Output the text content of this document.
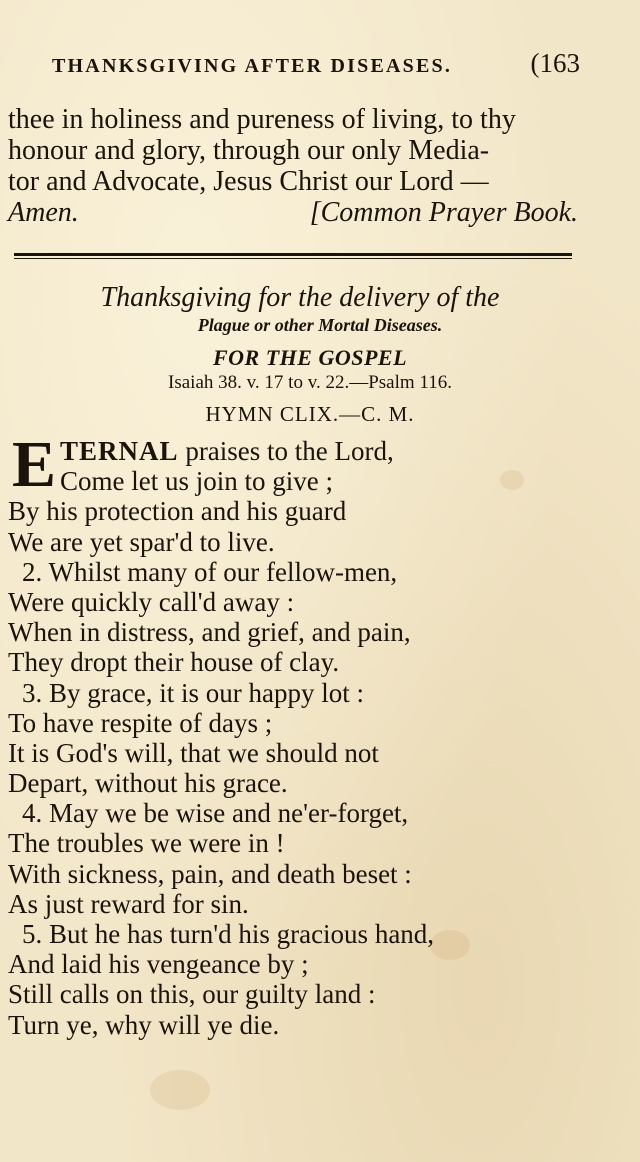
THANKSGIVING AFTER DISEASES.	(163
thee in holiness and pureness of living, to thy
honour and glory, through our only Media-
tor and Advocate, Jesus Christ our Lord —
Amen.	[Common Prayer Book.
Thanksgiving for the delivery of the
Plague or other Mortal Diseases.
FOR THE GOSPEL
Isaiah 38. v. 17 to v. 22.—Psalm 116.
HYMN CLIX.—C. M.
E TERNAL praises to the Lord,
Come let us join to give ;
By his protection and his guard
We are yet spar'd to live.
2. Whilst many of our fellow-men,
Were quickly call'd away :
When in distress, and grief, and pain,
They dropt their house of clay.
3. By grace, it is our happy lot :
To have respite of days ;
It is God's will, that we should not
Depart, without his grace.
4. May we be wise and ne'er-forget,
The troubles we were in !
With sickness, pain, and death beset :
As just reward for sin.
5. But he has turn'd his gracious hand,
And laid his vengeance by ;
Still calls on this, our guilty land :
Turn ye, why will ye die.
